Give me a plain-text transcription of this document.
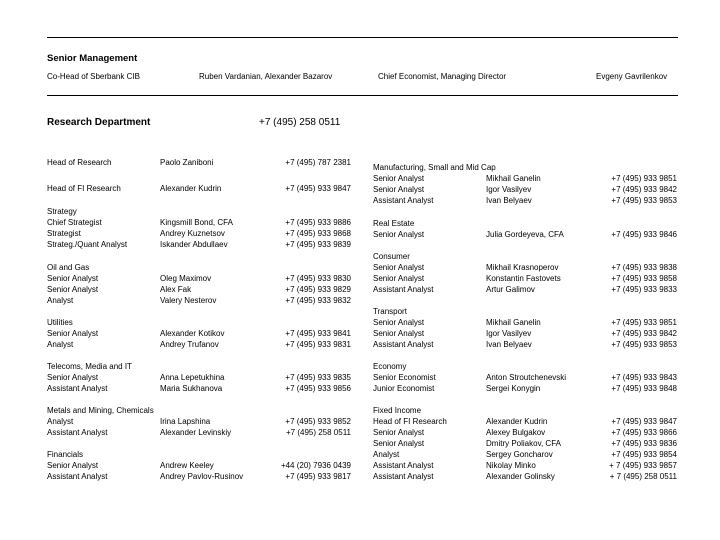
Senior Management
Co-Head of Sberbank CIB	Ruben Vardanian, Alexander Bazarov	Chief Economist, Managing Director	Evgeny Gavrilenkov
Research Department	+7 (495) 258 0511
Head of Research	Paolo Zaniboni	+7 (495) 787 2381
Head of FI Research	Alexander Kudrin	+7 (495) 933 9847
Strategy
Chief Strategist	Kingsmill Bond, CFA	+7 (495) 933 9886
Strategist	Andrey Kuznetsov	+7 (495) 933 9868
Strateg./Quant Analyst	Iskander Abdullaev	+7 (495) 933 9839
Oil and Gas
Senior Analyst	Oleg Maximov	+7 (495) 933 9830
Senior Analyst	Alex Fak	+7 (495) 933 9829
Analyst	Valery Nesterov	+7 (495) 933 9832
Utilities
Senior Analyst	Alexander Kotikov	+7 (495) 933 9841
Analyst	Andrey Trufanov	+7 (495) 933 9831
Telecoms, Media and IT
Senior Analyst	Anna Lepetukhina	+7 (495) 933 9835
Assistant Analyst	Maria Sukhanova	+7 (495) 933 9856
Metals and Mining, Chemicals
Analyst	Irina Lapshina	+7 (495) 933 9852
Assistant Analyst	Alexander Levinskiy	+7 (495) 258 0511
Financials
Senior Analyst	Andrew Keeley	+44 (20) 7936 0439
Assistant Analyst	Andrey Pavlov-Rusinov	+7 (495) 933 9817
Manufacturing, Small and Mid Cap
Senior Analyst	Mikhail Ganelin	+7 (495) 933 9851
Senior Analyst	Igor Vasilyev	+7 (495) 933 9842
Assistant Analyst	Ivan Belyaev	+7 (495) 933 9853
Real Estate
Senior Analyst	Julia Gordeyeva, CFA	+7 (495) 933 9846
Consumer
Senior Analyst	Mikhail Krasnoperov	+7 (495) 933 9838
Senior Analyst	Konstantin Fastovets	+7 (495) 933 9858
Assistant Analyst	Artur Galimov	+7 (495) 933 9833
Transport
Senior Analyst	Mikhail Ganelin	+7 (495) 933 9851
Senior Analyst	Igor Vasilyev	+7 (495) 933 9842
Assistant Analyst	Ivan Belyaev	+7 (495) 933 9853
Economy
Senior Economist	Anton Stroutchenevski	+7 (495) 933 9843
Junior Economist	Sergei Konygin	+7 (495) 933 9848
Fixed Income
Head of FI Research	Alexander Kudrin	+7 (495) 933 9847
Senior Analyst	Alexey Bulgakov	+7 (495) 933 9866
Senior Analyst	Dmitry Poliakov, CFA	+7 (495) 933 9836
Analyst	Sergey Goncharov	+7 (495) 933 9854
Assistant Analyst	Nikolay Minko	+ 7 (495) 933 9857
Assistant Analyst	Alexander Golinsky	+ 7 (495) 258 0511
